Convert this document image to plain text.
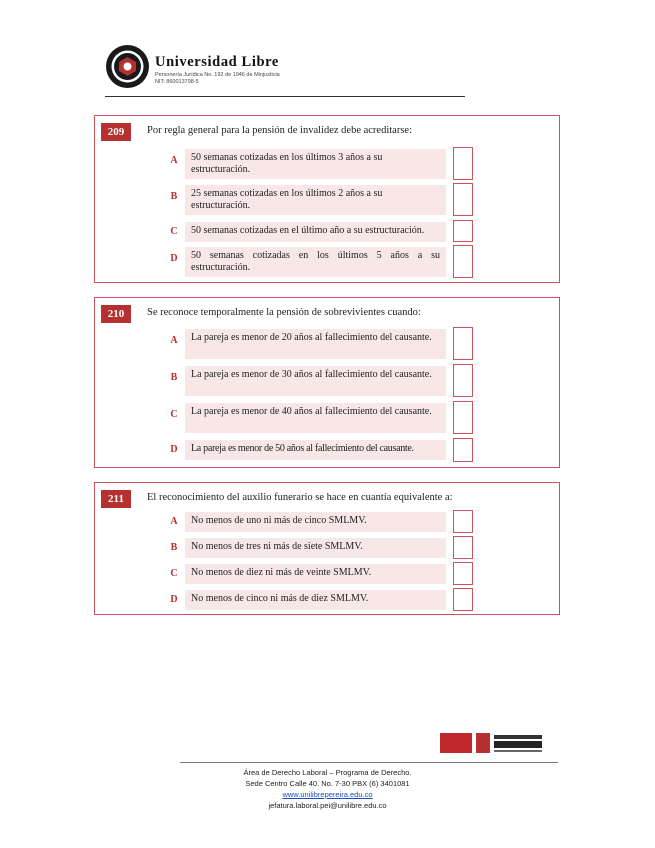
Universidad Libre
Personería Jurídica No. 192 de 1946 de Minjusticia
NIT: 860013798-5
209	Por regla general para la pensión de invalidez debe acreditarse:
A	50 semanas cotizadas en los últimos 3 años a su estructuración.
B	25 semanas cotizadas en los últimos 2 años a su estructuración.
C	50 semanas cotizadas en el último año a su estructuración.
D	50 semanas cotizadas en los últimos 5 años a su estructuración.
210	Se reconoce temporalmente la pensión de sobrevivientes cuando:
A	La pareja es menor de 20 años al fallecimiento del causante.
B	La pareja es menor de 30 años al fallecimiento del causante.
C	La pareja es menor de 40 años al fallecimiento del causante.
D	La pareja es menor de 50 años al fallecimiento del causante.
211	El reconocimiento del auxilio funerario se hace en cuantía equivalente a:
A	No menos de uno ni más de cinco SMLMV.
B	No menos de tres ni más de siete SMLMV.
C	No menos de diez ni más de veinte SMLMV.
D	No menos de cinco ni más de diez SMLMV.
Área de Derecho Laboral – Programa de Derecho.
Sede Centro Calle 40. No. 7-30 PBX (6) 3401081
www.unilibrepereira.edu.co
jefatura.laboral.pei@unilibre.edu.co
